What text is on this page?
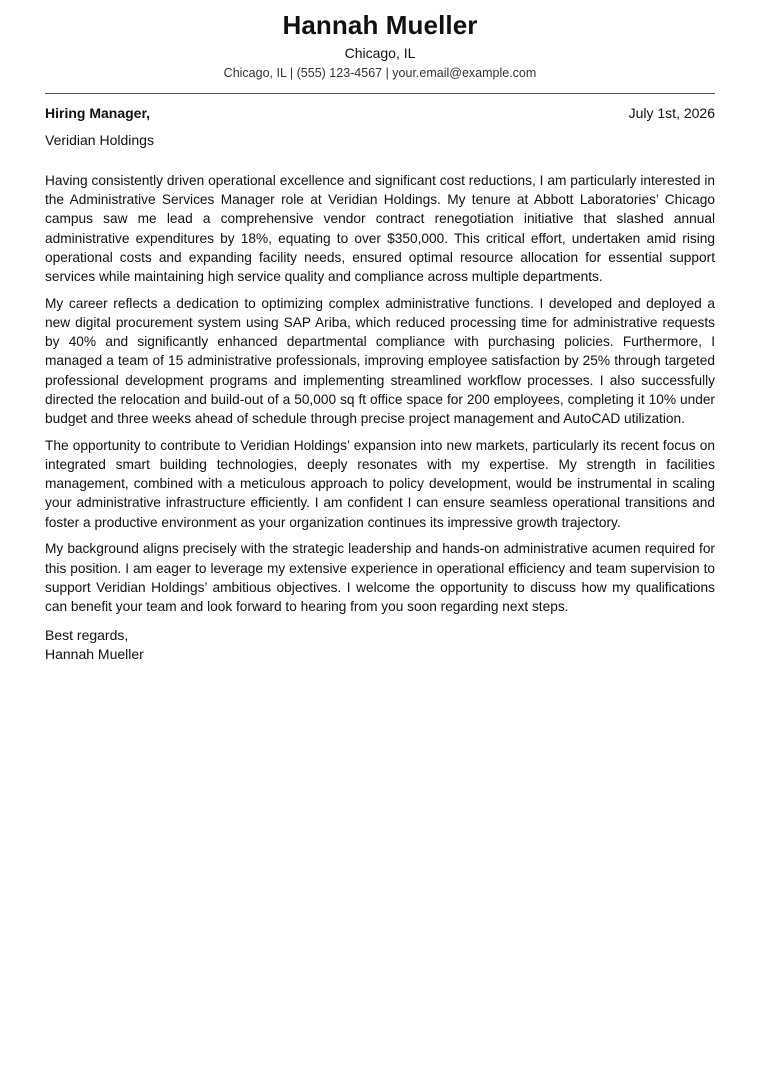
Hannah Mueller
Chicago, IL
Chicago, IL | (555) 123-4567 | your.email@example.com
Hiring Manager,	July 1st, 2026
Veridian Holdings

Having consistently driven operational excellence and significant cost reductions, I am particularly interested in the Administrative Services Manager role at Veridian Holdings. My tenure at Abbott Laboratories’ Chicago campus saw me lead a comprehensive vendor contract renegotiation initiative that slashed annual administrative expenditures by 18%, equating to over $350,000. This critical effort, undertaken amid rising operational costs and expanding facility needs, ensured optimal resource allocation for essential support services while maintaining high service quality and compliance across multiple departments.

My career reflects a dedication to optimizing complex administrative functions. I developed and deployed a new digital procurement system using SAP Ariba, which reduced processing time for administrative requests by 40% and significantly enhanced departmental compliance with purchasing policies. Furthermore, I managed a team of 15 administrative professionals, improving employee satisfaction by 25% through targeted professional development programs and implementing streamlined workflow processes. I also successfully directed the relocation and build-out of a 50,000 sq ft office space for 200 employees, completing it 10% under budget and three weeks ahead of schedule through precise project management and AutoCAD utilization.

The opportunity to contribute to Veridian Holdings’ expansion into new markets, particularly its recent focus on integrated smart building technologies, deeply resonates with my expertise. My strength in facilities management, combined with a meticulous approach to policy development, would be instrumental in scaling your administrative infrastructure efficiently. I am confident I can ensure seamless operational transitions and foster a productive environment as your organization continues its impressive growth trajectory.

My background aligns precisely with the strategic leadership and hands-on administrative acumen required for this position. I am eager to leverage my extensive experience in operational efficiency and team supervision to support Veridian Holdings’ ambitious objectives. I welcome the opportunity to discuss how my qualifications can benefit your team and look forward to hearing from you soon regarding next steps.

Best regards,
Hannah Mueller
